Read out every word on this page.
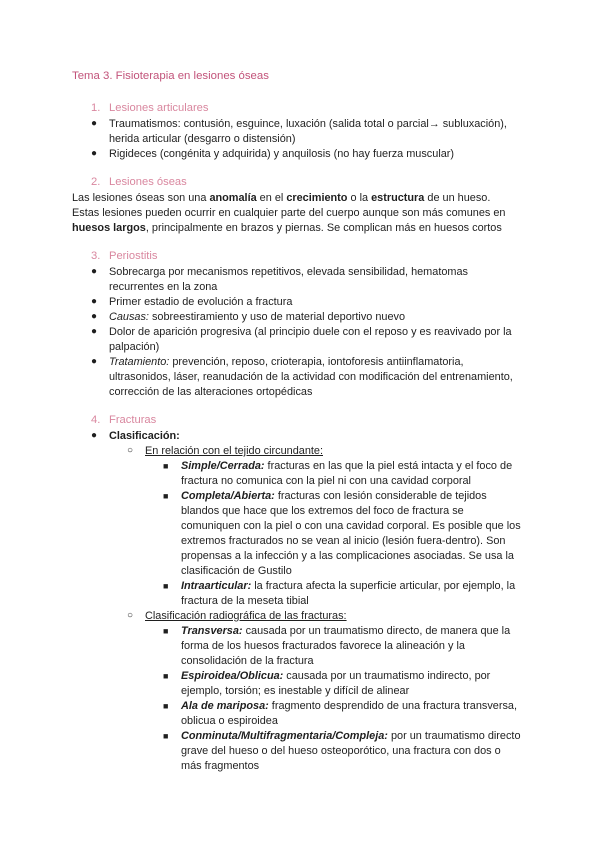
Tema 3. Fisioterapia en lesiones óseas
1. Lesiones articulares
● Traumatismos: contusión, esguince, luxación (salida total o parcial→ subluxación),
herida articular (desgarro o distensión)
● Rigideces (congénita y adquirida) y anquilosis (no hay fuerza muscular)
2. Lesiones óseas
Las lesiones óseas son una anomalía en el crecimiento o la estructura de un hueso.
Estas lesiones pueden ocurrir en cualquier parte del cuerpo aunque son más comunes en
huesos largos, principalmente en brazos y piernas. Se complican más en huesos cortos
3. Periostitis
● Sobrecarga por mecanismos repetitivos, elevada sensibilidad, hematomas
recurrentes en la zona
● Primer estadio de evolución a fractura
● Causas: sobreestiramiento y uso de material deportivo nuevo
● Dolor de aparición progresiva (al principio duele con el reposo y es reavivado por la
palpación)
● Tratamiento: prevención, reposo, crioterapia, iontoforesis antiinflamatoria,
ultrasonidos, láser, reanudación de la actividad con modificación del entrenamiento,
corrección de las alteraciones ortopédicas
4. Fracturas
● Clasificación:
○ En relación con el tejido circundante:
■ Simple/Cerrada: fracturas en las que la piel está intacta y el foco de
fractura no comunica con la piel ni con una cavidad corporal
■ Completa/Abierta: fracturas con lesión considerable de tejidos
blandos que hace que los extremos del foco de fractura se
comuniquen con la piel o con una cavidad corporal. Es posible que los
extremos fracturados no se vean al inicio (lesión fuera-dentro). Son
propensas a la infección y a las complicaciones asociadas. Se usa la
clasificación de Gustilo
■ Intraarticular: la fractura afecta la superficie articular, por ejemplo, la
fractura de la meseta tibial
○ Clasificación radiográfica de las fracturas:
■ Transversa: causada por un traumatismo directo, de manera que la
forma de los huesos fracturados favorece la alineación y la
consolidación de la fractura
■ Espiroidea/Oblicua: causada por un traumatismo indirecto, por
ejemplo, torsión; es inestable y difícil de alinear
■ Ala de mariposa: fragmento desprendido de una fractura transversa,
oblicua o espiroidea
■ Conminuta/Multifragmentaria/Compleja: por un traumatismo directo
grave del hueso o del hueso osteoporótico, una fractura con dos o
más fragmentos
